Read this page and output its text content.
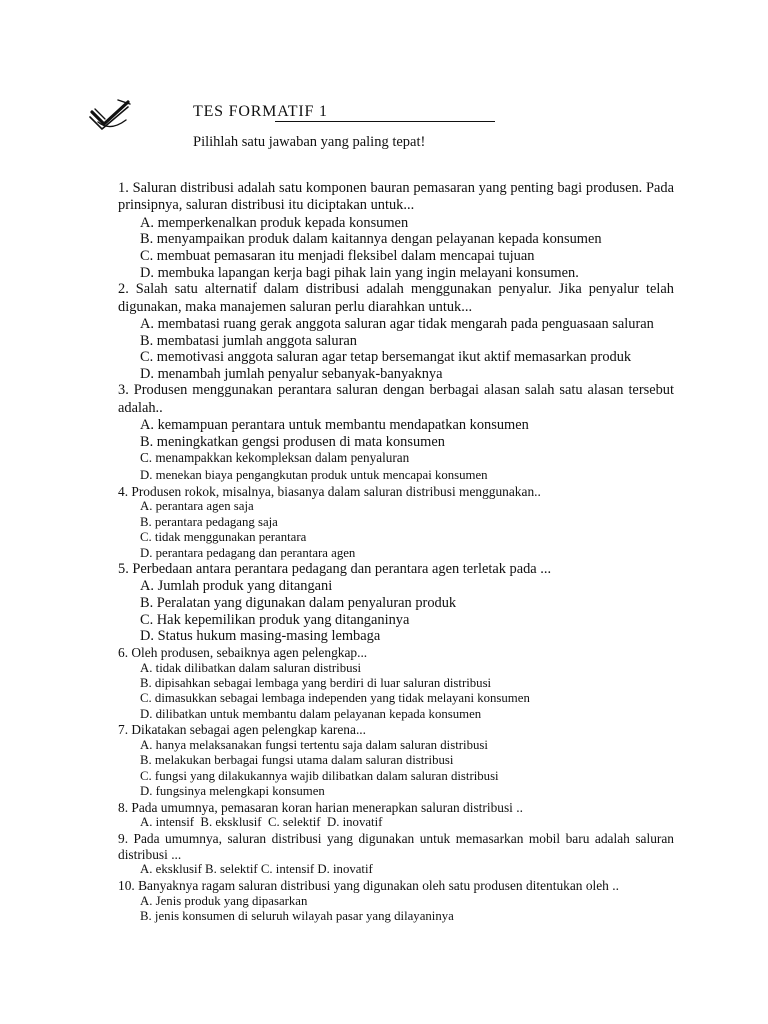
TES FORMATIF 1
Pilihlah satu jawaban yang paling tepat!
1. Saluran distribusi adalah satu komponen bauran pemasaran yang penting bagi produsen. Pada prinsipnya, saluran distribusi itu diciptakan untuk...
A. memperkenalkan produk kepada konsumen
B. menyampaikan produk dalam kaitannya dengan pelayanan kepada konsumen
C. membuat pemasaran itu menjadi fleksibel dalam mencapai tujuan
D. membuka lapangan kerja bagi pihak lain yang ingin melayani konsumen.
2. Salah satu alternatif dalam distribusi adalah menggunakan penyalur. Jika penyalur telah digunakan, maka manajemen saluran perlu diarahkan untuk...
A. membatasi ruang gerak anggota saluran agar tidak mengarah pada penguasaan saluran
B. membatasi jumlah anggota saluran
C. memotivasi anggota saluran agar tetap bersemangat ikut aktif memasarkan produk
D. menambah jumlah penyalur sebanyak-banyaknya
3. Produsen menggunakan perantara saluran dengan berbagai alasan salah satu alasan tersebut adalah..
A. kemampuan perantara untuk membantu mendapatkan konsumen
B. meningkatkan gengsi produsen di mata konsumen
C. menampakkan kekompleksan dalam penyaluran
D. menekan biaya pengangkutan produk untuk mencapai konsumen
4. Produsen rokok, misalnya, biasanya dalam saluran distribusi menggunakan..
A. perantara agen saja
B. perantara pedagang saja
C. tidak menggunakan perantara
D. perantara pedagang dan perantara agen
5. Perbedaan antara perantara pedagang dan perantara agen terletak pada ...
A. Jumlah produk yang ditangani
B. Peralatan yang digunakan dalam penyaluran produk
C. Hak kepemilikan produk yang ditanganinya
D. Status hukum masing-masing lembaga
6. Oleh produsen, sebaiknya agen pelengkap...
A. tidak dilibatkan dalam saluran distribusi
B. dipisahkan sebagai lembaga yang berdiri di luar saluran distribusi
C. dimasukkan sebagai lembaga independen yang tidak melayani konsumen
D. dilibatkan untuk membantu dalam pelayanan kepada konsumen
7. Dikatakan sebagai agen pelengkap karena...
A. hanya melaksanakan fungsi tertentu saja dalam saluran distribusi
B. melakukan berbagai fungsi utama dalam saluran distribusi
C. fungsi yang dilakukannya wajib dilibatkan dalam saluran distribusi
D. fungsinya melengkapi konsumen
8. Pada umumnya, pemasaran koran harian menerapkan saluran distribusi ..
A. intensif  B. eksklusif  C. selektif  D. inovatif
9. Pada umumnya, saluran distribusi yang digunakan untuk memasarkan mobil baru adalah saluran distribusi ...
A. eksklusif B. selektif C. intensif D. inovatif
10. Banyaknya ragam saluran distribusi yang digunakan oleh satu produsen ditentukan oleh ..
A. Jenis produk yang dipasarkan
B. jenis konsumen di seluruh wilayah pasar yang dilayaninya
